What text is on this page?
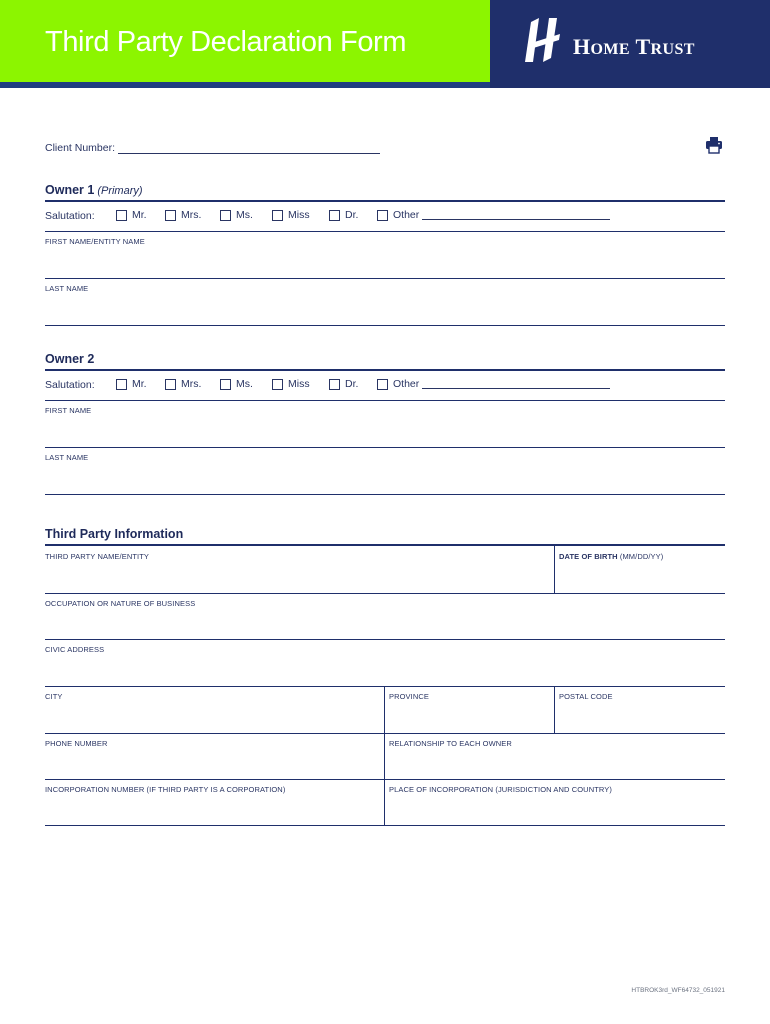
Third Party Declaration Form	HOME TRUST
Client Number:
Owner 1 (Primary)
Salutation:	Mr.	Mrs.	Ms.	Miss	Dr.	Other
FIRST NAME/ENTITY NAME
LAST NAME
Owner 2
Salutation:	Mr.	Mrs.	Ms.	Miss	Dr.	Other
FIRST NAME
LAST NAME
Third Party Information
THIRD PARTY NAME/ENTITY	DATE OF BIRTH (MM/DD/YY)
OCCUPATION OR NATURE OF BUSINESS
CIVIC ADDRESS
CITY	PROVINCE	POSTAL CODE
PHONE NUMBER	RELATIONSHIP TO EACH OWNER
INCORPORATION NUMBER (IF THIRD PARTY IS A CORPORATION)	PLACE OF INCORPORATION (JURISDICTION AND COUNTRY)
HTBROK3rd_WF64732_051921
